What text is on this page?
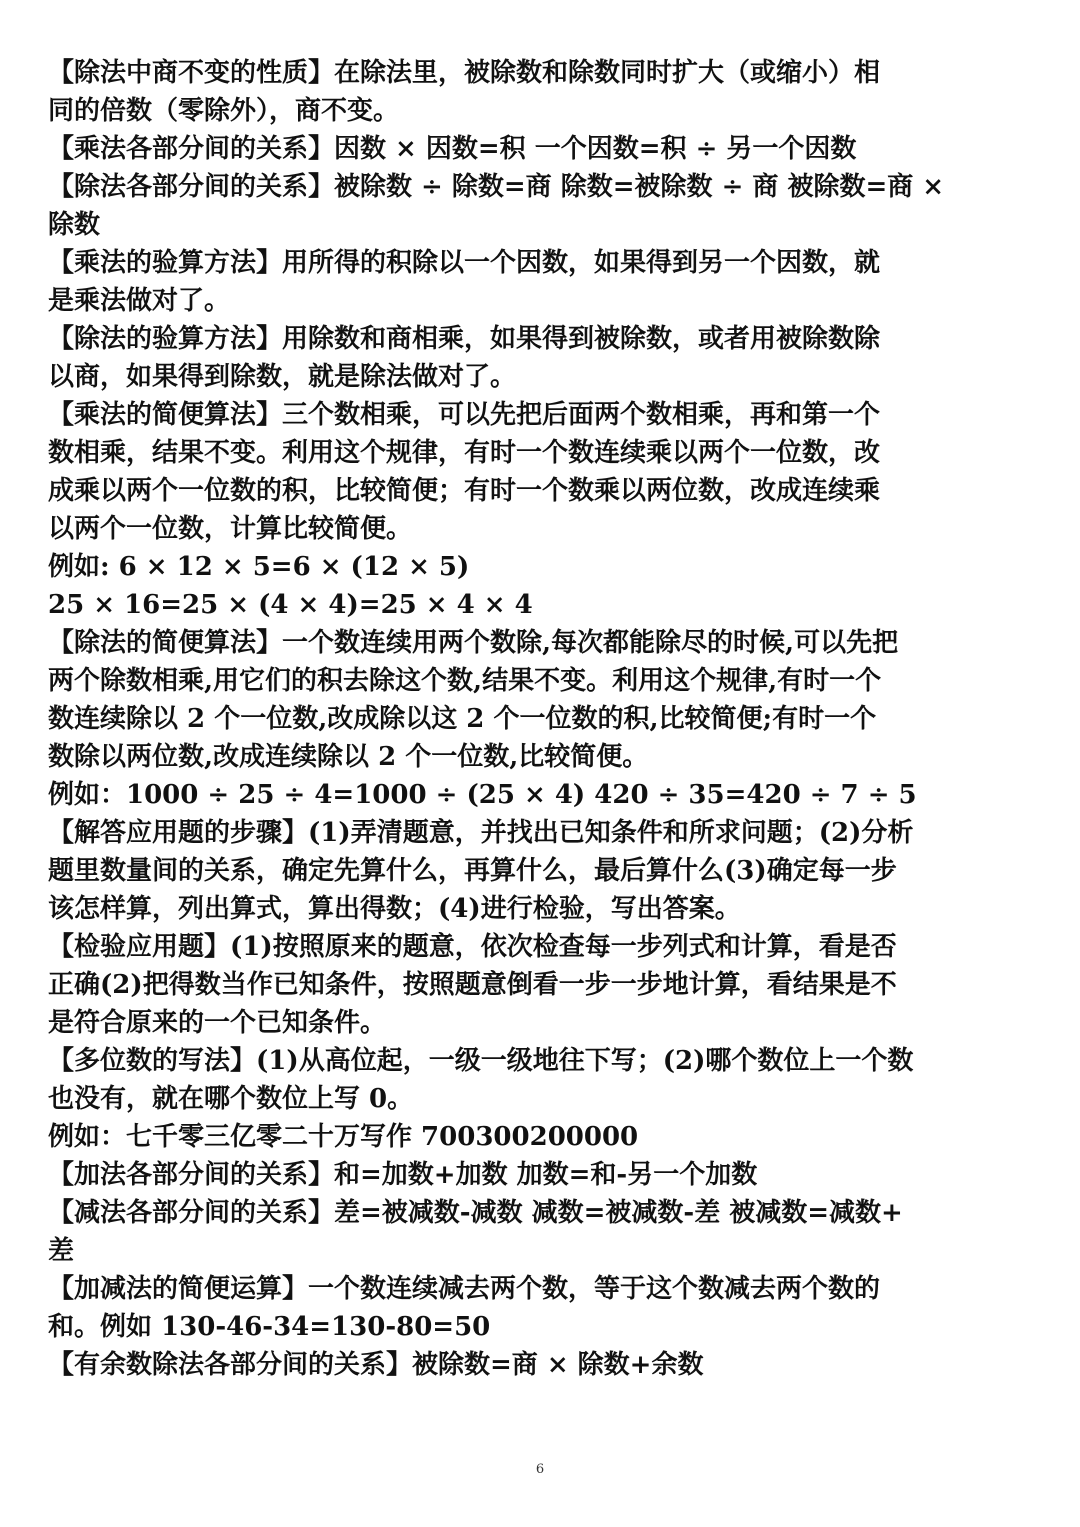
【除法中商不变的性质】在除法里，被除数和除数同时扩大（或缩小）相
同的倍数（零除外），商不变。
【乘法各部分间的关系】因数 × 因数=积 一个因数=积 ÷ 另一个因数
【除法各部分间的关系】被除数 ÷ 除数=商 除数=被除数 ÷ 商 被除数=商 ×
除数
【乘法的验算方法】用所得的积除以一个因数，如果得到另一个因数，就
是乘法做对了。
【除法的验算方法】用除数和商相乘，如果得到被除数，或者用被除数除
以商，如果得到除数，就是除法做对了。
【乘法的简便算法】三个数相乘，可以先把后面两个数相乘，再和第一个
数相乘，结果不变。利用这个规律，有时一个数连续乘以两个一位数，改
成乘以两个一位数的积，比较简便；有时一个数乘以两位数，改成连续乘
以两个一位数，计算比较简便。
例如: 6 × 12 × 5=6 × (12 × 5)
25 × 16=25 × (4 × 4)=25 × 4 × 4
【除法的简便算法】一个数连续用两个数除,每次都能除尽的时候,可以先把
两个除数相乘,用它们的积去除这个数,结果不变。利用这个规律,有时一个
数连续除以 2 个一位数,改成除以这 2 个一位数的积,比较简便;有时一个
数除以两位数,改成连续除以 2 个一位数,比较简便。
例如：1000 ÷ 25 ÷ 4=1000 ÷ (25 × 4) 420 ÷ 35=420 ÷ 7 ÷ 5
【解答应用题的步骤】(1)弄清题意，并找出已知条件和所求问题；(2)分析
题里数量间的关系，确定先算什么，再算什么，最后算什么(3)确定每一步
该怎样算，列出算式，算出得数；(4)进行检验，写出答案。
【检验应用题】(1)按照原来的题意，依次检查每一步列式和计算，看是否
正确(2)把得数当作已知条件，按照题意倒看一步一步地计算，看结果是不
是符合原来的一个已知条件。
【多位数的写法】(1)从高位起，一级一级地往下写；(2)哪个数位上一个数
也没有，就在哪个数位上写 0。
例如：七千零三亿零二十万写作 700300200000
【加法各部分间的关系】和=加数+加数 加数=和-另一个加数
【减法各部分间的关系】差=被减数-减数 减数=被减数-差 被减数=减数+
差
【加减法的简便运算】一个数连续减去两个数，等于这个数减去两个数的
和。例如 130-46-34=130-80=50
【有余数除法各部分间的关系】被除数=商 × 除数+余数
6
